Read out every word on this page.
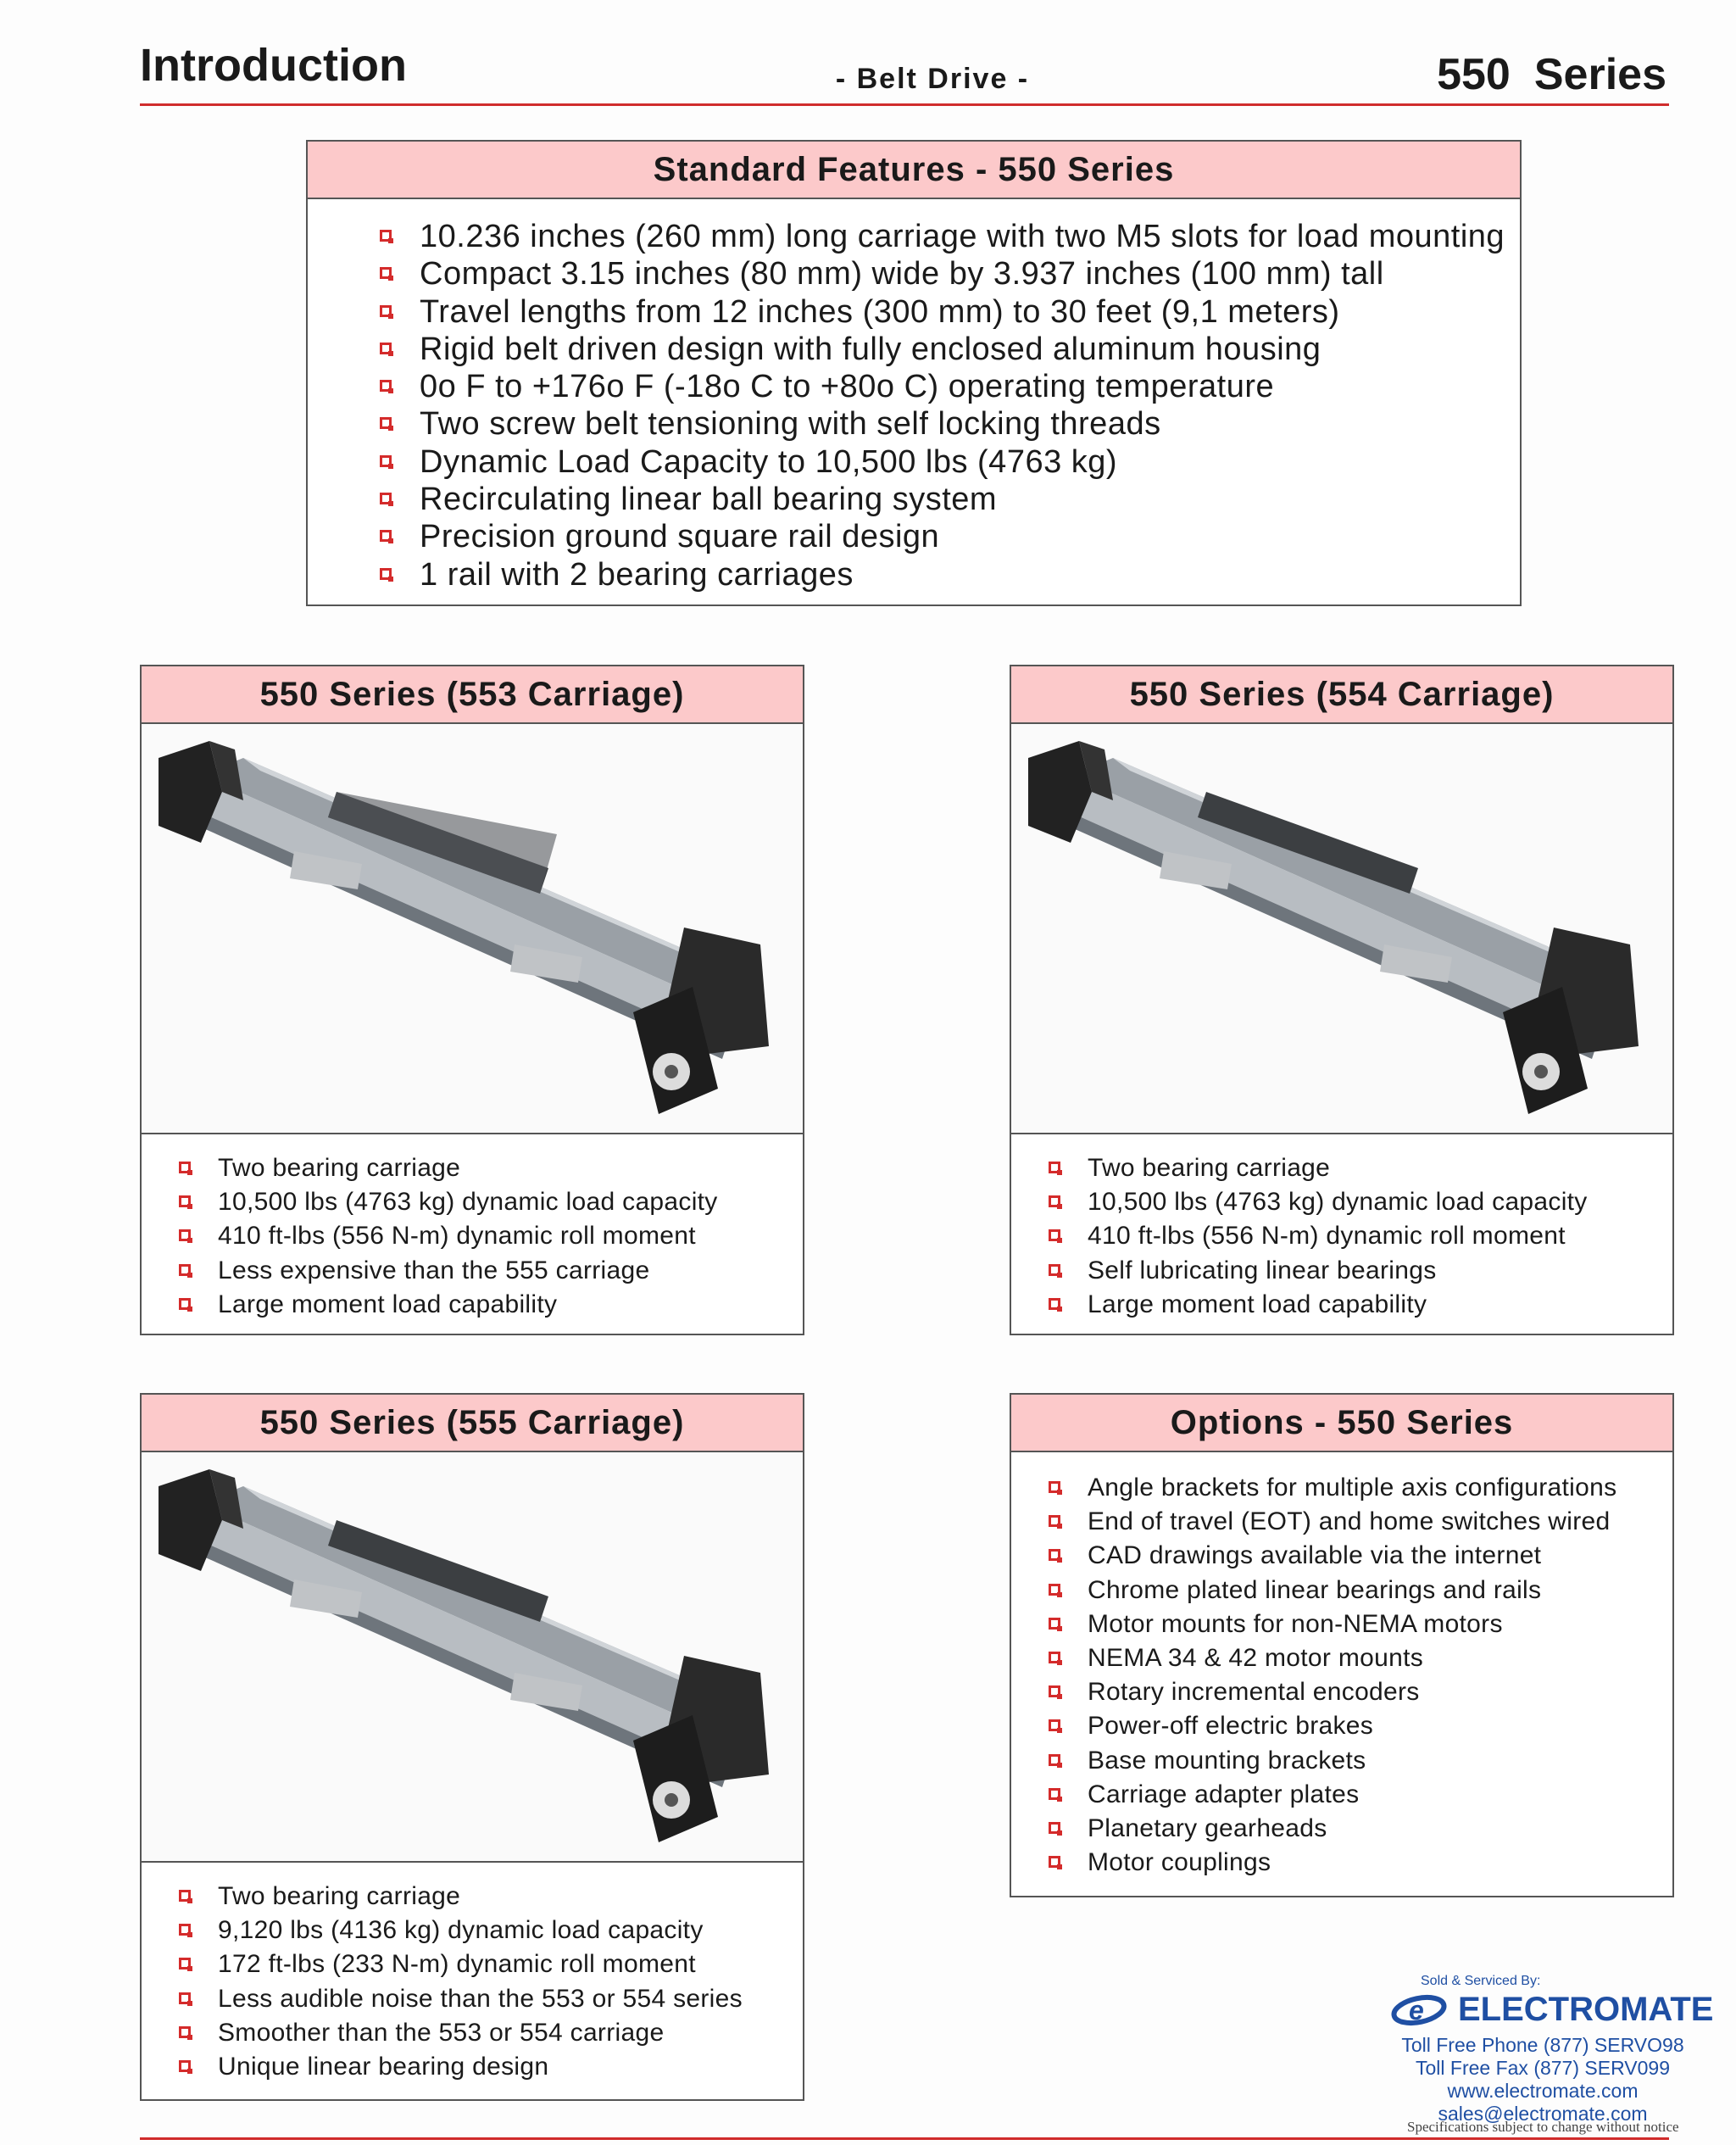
Introduction	- Belt Drive -	550 Series
Standard Features - 550 Series
10.236 inches (260 mm) long carriage with two M5 slots for load mounting
Compact 3.15 inches (80 mm) wide by 3.937 inches (100 mm) tall
Travel lengths from 12 inches (300 mm) to 30 feet (9,1 meters)
Rigid belt driven design with fully enclosed aluminum housing
0o F to +176o F (-18o C to +80o C) operating temperature
Two screw belt tensioning with self locking threads
Dynamic Load Capacity to 10,500 lbs (4763 kg)
Recirculating linear ball bearing system
Precision ground square rail design
1 rail with 2 bearing carriages
550 Series (553 Carriage)
Two bearing carriage
10,500 lbs (4763 kg) dynamic load capacity
410 ft-lbs (556 N-m) dynamic roll moment
Less expensive than the 555 carriage
Large moment load capability
550 Series (554 Carriage)
Two bearing carriage
10,500 lbs (4763 kg) dynamic load capacity
410 ft-lbs (556 N-m) dynamic roll moment
Self lubricating linear bearings
Large moment load capability
550 Series (555 Carriage)
Two bearing carriage
9,120 lbs (4136 kg) dynamic load capacity
172 ft-lbs (233 N-m) dynamic roll moment
Less audible noise than the 553 or 554 series
Smoother than the 553 or 554 carriage
Unique linear bearing design
Options - 550 Series
Angle brackets for multiple axis configurations
End of travel (EOT) and home switches wired
CAD drawings available via the internet
Chrome plated linear bearings and rails
Motor mounts for non-NEMA motors
NEMA 34 & 42 motor mounts
Rotary incremental encoders
Power-off electric brakes
Base mounting brackets
Carriage adapter plates
Planetary gearheads
Motor couplings
Sold & Serviced By:
e ELECTROMATE
Toll Free Phone (877) SERVO98
Toll Free Fax (877) SERV099
www.electromate.com
sales@electromate.com
Specifications subject to change without notice
